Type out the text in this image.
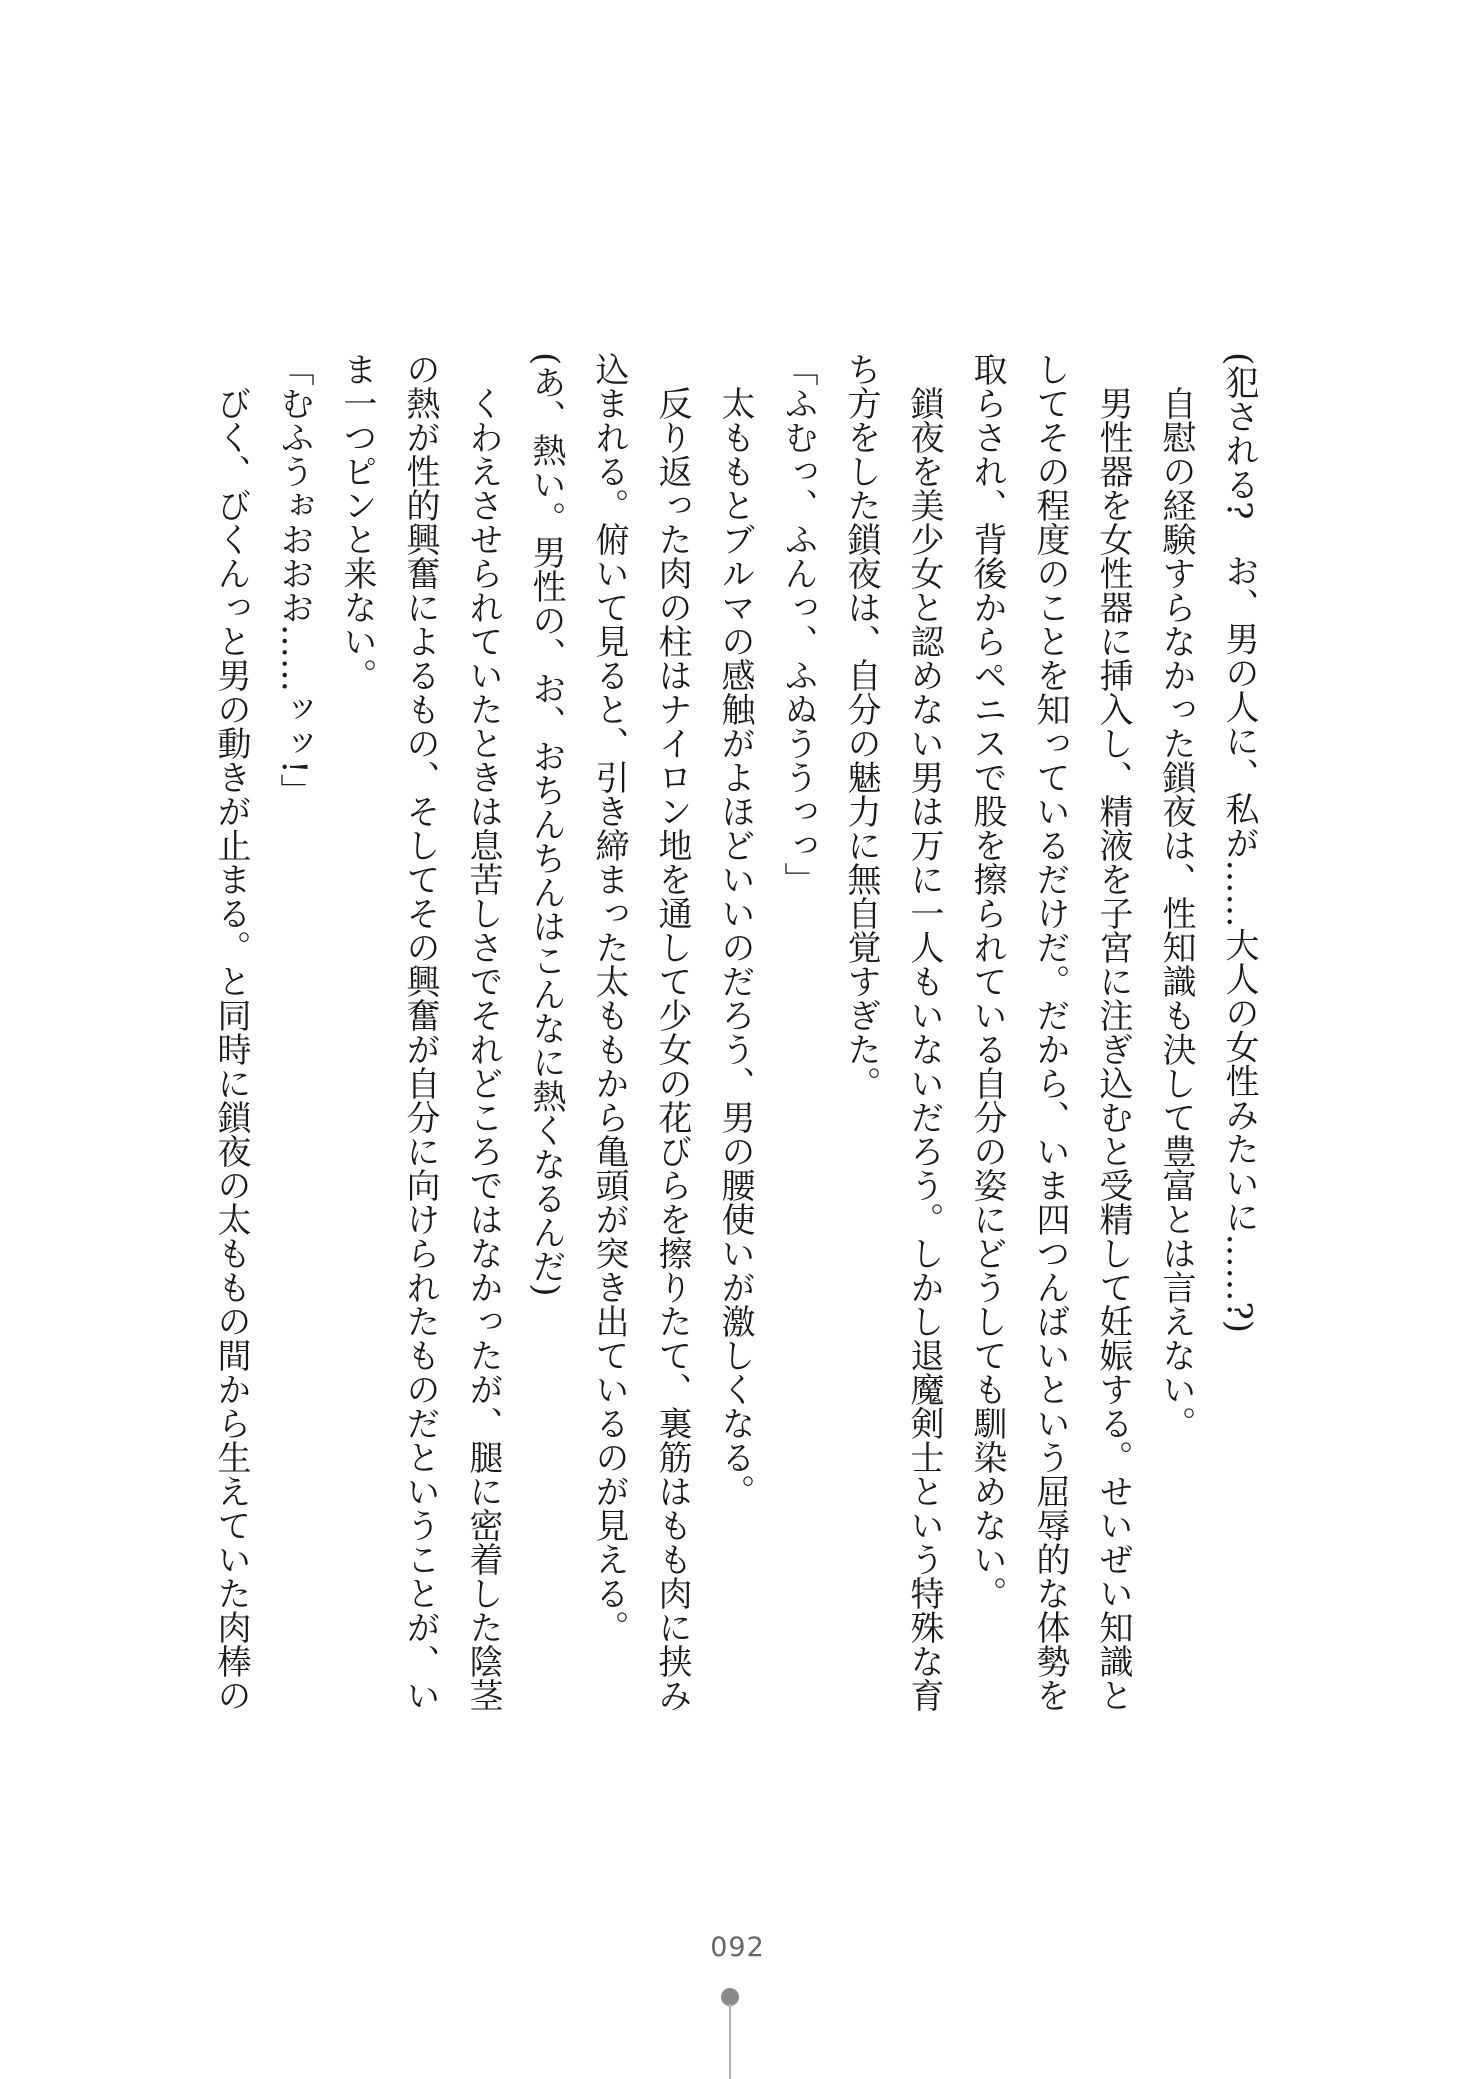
(犯される?　お、男の人に、私が……大人の女性みたいに……?)
　自慰の経験すらなかった鎖夜は、性知識も決して豊富とは言えない。
　男性器を女性器に挿入し、精液を子宮に注ぎ込むと受精して妊娠する。せいぜい知識と
してその程度のことを知っているだけだ。だから、いま四つんばいという屈辱的な体勢を
取らされ、背後からペニスで股を擦られている自分の姿にどうしても馴染めない。
　鎖夜を美少女と認めない男は万に一人もいないだろう。しかし退魔剣士という特殊な育
ち方をした鎖夜は、自分の魅力に無自覚すぎた。
「ふむっ、ふんっ、ふぬううっっ」
　太ももとブルマの感触がよほどいいのだろう、男の腰使いが激しくなる。
　反り返った肉の柱はナイロン地を通して少女の花びらを擦りたて、裏筋はもも肉に挟み
込まれる。俯いて見ると、引き締まった太ももから亀頭が突き出ているのが見える。
(あ、熱い。男性の、お、おちんちんはこんなに熱くなるんだ)
　くわえさせられていたときは息苦しさでそれどころではなかったが、腿に密着した陰茎
の熱が性的興奮によるもの、そしてその興奮が自分に向けられたものだということが、い
ま一つピンと来ない。
「むふうぉおおお……ッッ!」
　びく、びくんっと男の動きが止まる。と同時に鎖夜の太ももの間から生えていた肉棒の
092
